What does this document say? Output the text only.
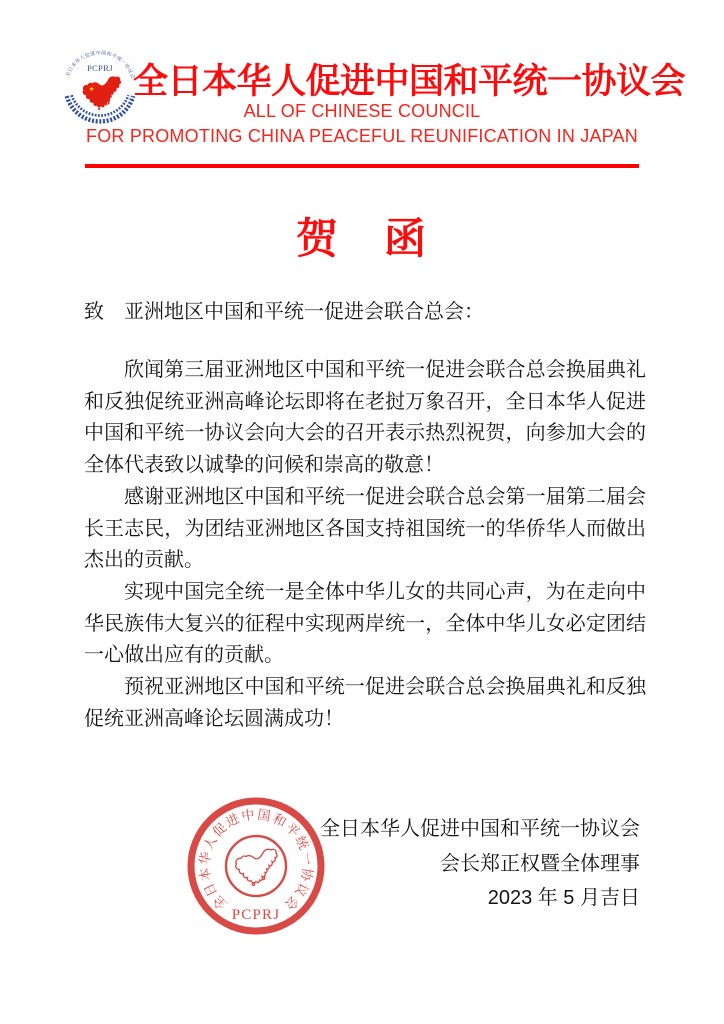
全日本华人促进中国和平统一协议会
PCPRJ
★ 全日本华人促进中国和平统一协议会
ALL OF CHINESE COUNCIL
FOR PROMOTING CHINA PEACEFUL REUNIFICATION IN JAPAN
贺　函
致　亚洲地区中国和平统一促进会联合总会：

欣闻第三届亚洲地区中国和平统一促进会联合总会换届典礼和反独促统亚洲高峰论坛即将在老挝万象召开，全日本华人促进中国和平统一协议会向大会的召开表示热烈祝贺，向参加大会的全体代表致以诚挚的问候和崇高的敬意！

感谢亚洲地区中国和平统一促进会联合总会第一届第二届会长王志民，为团结亚洲地区各国支持祖国统一的华侨华人而做出杰出的贡献。

实现中国完全统一是全体中华儿女的共同心声，为在走向中华民族伟大复兴的征程中实现两岸统一，全体中华儿女必定团结一心做出应有的贡献。

预祝亚洲地区中国和平统一促进会联合总会换届典礼和反独促统亚洲高峰论坛圆满成功！

全日本华人促进中国和平统一协议会
会长郑正权暨全体理事
2023 年 5 月吉日
全日本华人促进中国和平统一协议会
PCPRJ
